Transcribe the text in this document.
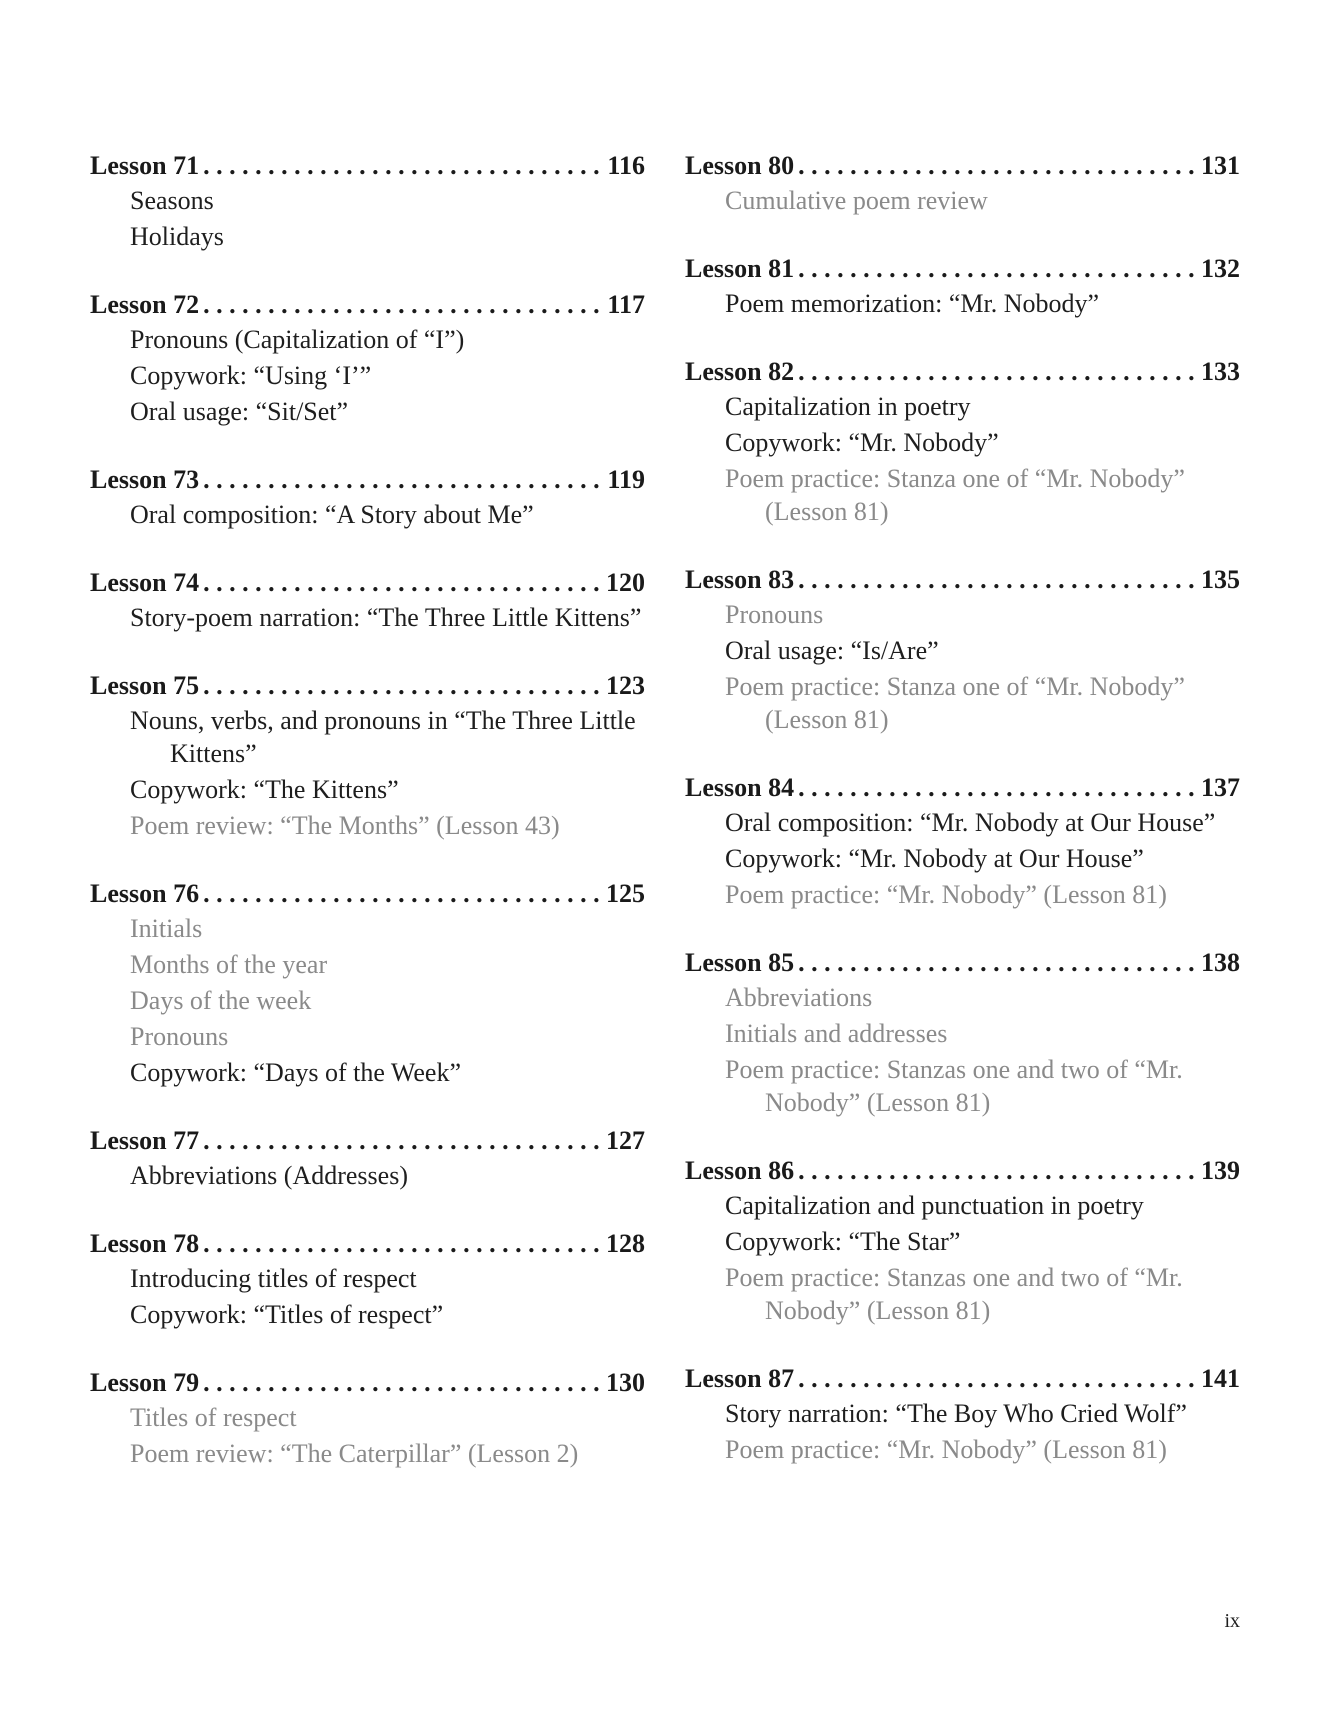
Lesson 71 . . .	116
Seasons
Holidays
Lesson 72 . . .	117
Pronouns (Capitalization of “I”)
Copywork: “Using ‘I’”
Oral usage: “Sit/Set”
Lesson 73 . . .	119
Oral composition: “A Story about Me”
Lesson 74 . . .	120
Story-poem narration: “The Three Little Kittens”
Lesson 75 . . .	123
Nouns, verbs, and pronouns in “The Three Little Kittens”
Copywork: “The Kittens”
Poem review: “The Months” (Lesson 43)
Lesson 76 . . .	125
Initials
Months of the year
Days of the week
Pronouns
Copywork: “Days of the Week”
Lesson 77 . . .	127
Abbreviations (Addresses)
Lesson 78 . . .	128
Introducing titles of respect
Copywork: “Titles of respect”
Lesson 79 . . .	130
Titles of respect
Poem review: “The Caterpillar” (Lesson 2)
Lesson 80 . . .	131
Cumulative poem review
Lesson 81 . . .	132
Poem memorization: “Mr. Nobody”
Lesson 82 . . .	133
Capitalization in poetry
Copywork: “Mr. Nobody”
Poem practice: Stanza one of “Mr. Nobody” (Lesson 81)
Lesson 83 . . .	135
Pronouns
Oral usage: “Is/Are”
Poem practice: Stanza one of “Mr. Nobody” (Lesson 81)
Lesson 84 . . .	137
Oral composition: “Mr. Nobody at Our House”
Copywork: “Mr. Nobody at Our House”
Poem practice: “Mr. Nobody” (Lesson 81)
Lesson 85 . . .	138
Abbreviations
Initials and addresses
Poem practice: Stanzas one and two of “Mr. Nobody” (Lesson 81)
Lesson 86 . . .	139
Capitalization and punctuation in poetry
Copywork: “The Star”
Poem practice: Stanzas one and two of “Mr. Nobody” (Lesson 81)
Lesson 87 . . .	141
Story narration: “The Boy Who Cried Wolf”
Poem practice: “Mr. Nobody” (Lesson 81)
ix
